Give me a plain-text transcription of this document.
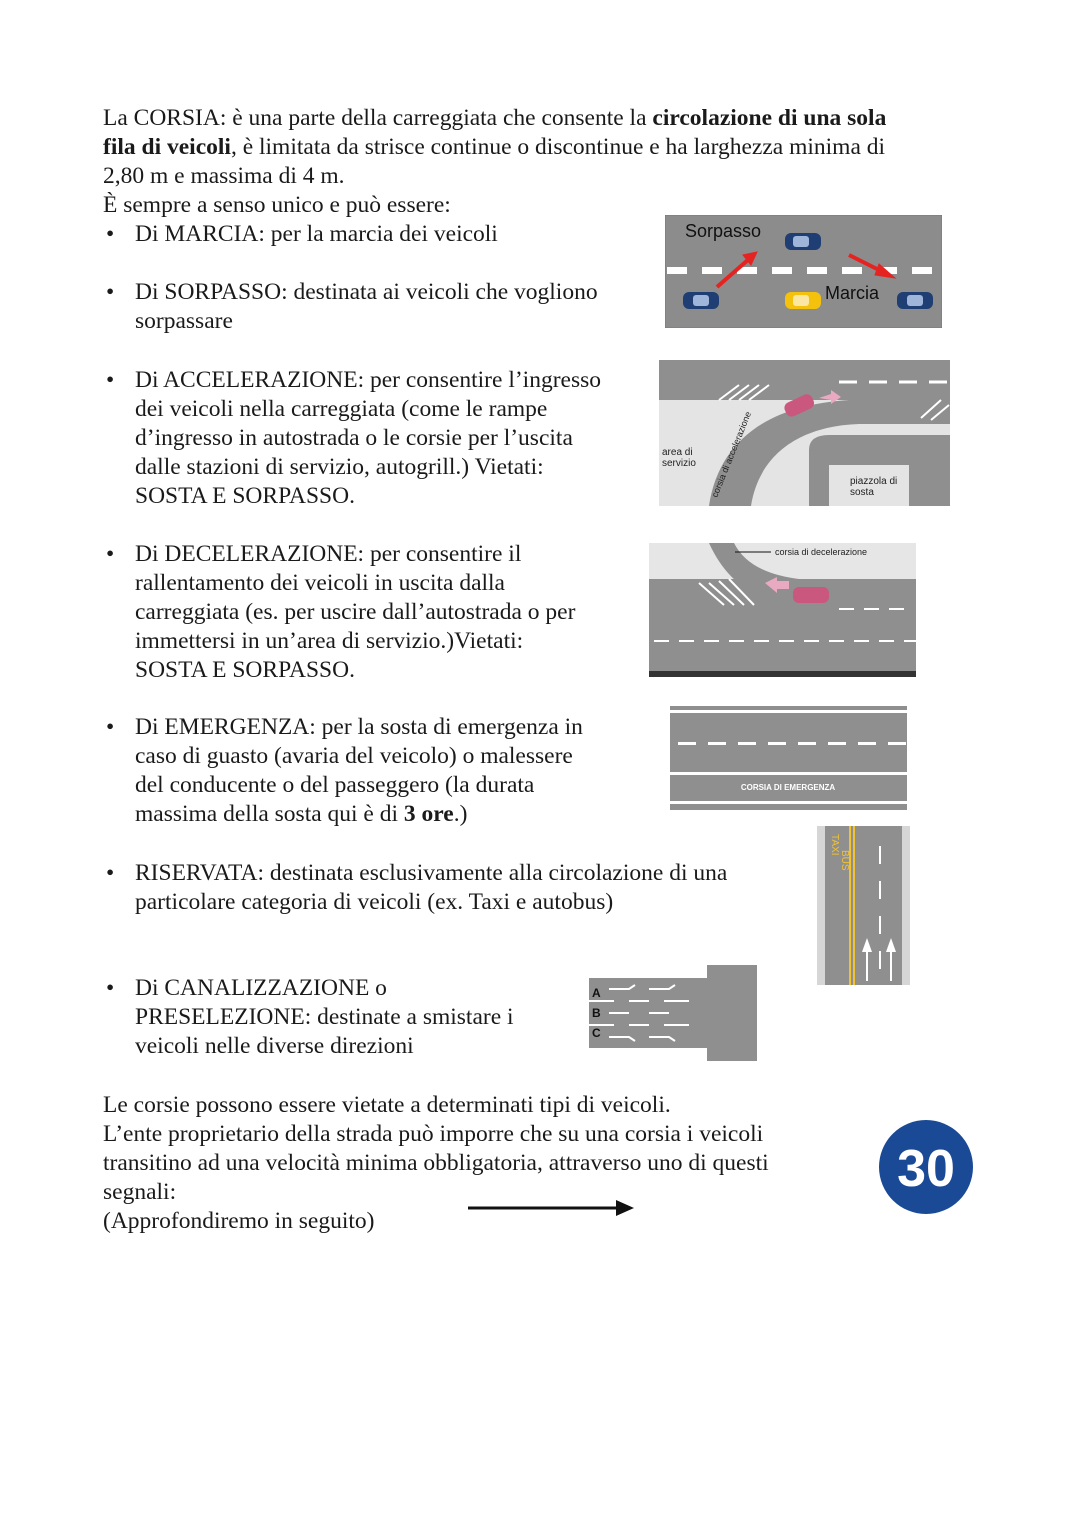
La CORSIA: è una parte della carreggiata che consente la circolazione di una sola
fila di veicoli, è limitata da strisce continue o discontinue e ha larghezza minima di
2,80 m e massima di 4 m.
È sempre a senso unico e può essere:
• Di MARCIA: per la marcia dei veicoli
• Di SORPASSO: destinata ai veicoli che vogliono
sorpassare
Sorpasso
Marcia
• Di ACCELERAZIONE: per consentire l’ingresso
dei veicoli nella carreggiata (come le rampe
d’ingresso in autostrada o le corsie per l’uscita
dalle stazioni di servizio, autogrill.) Vietati:
SOSTA E SORPASSO.	corsia di accelerazione
area di
servizio
piazzola di
sosta
• Di DECELERAZIONE: per consentire il
rallentamento dei veicoli in uscita dalla
carreggiata (es. per uscire dall’autostrada o per
immettersi in un’area di servizio.)Vietati:
SOSTA E SORPASSO.
corsia di decelerazione
• Di EMERGENZA: per la sosta di emergenza in
caso di guasto (avaria del veicolo) o malessere
del conducente o del passeggero (la durata
massima della sosta qui è di 3 ore.)
CORSIA DI EMERGENZA
• RISERVATA: destinata esclusivamente alla circolazione di una
particolare categoria di veicoli (ex. Taxi e autobus)
TAXI
BUS
• Di CANALIZZAZIONE o
PRESELEZIONE: destinate a smistare i
veicoli nelle diverse direzioni
A
B
C
Le corsie possono essere vietate a determinati tipi di veicoli.
L’ente proprietario della strada può imporre che su una corsia i veicoli
transitino ad una velocità minima obbligatoria, attraverso uno di questi
segnali:
(Approfondiremo in seguito)
30
